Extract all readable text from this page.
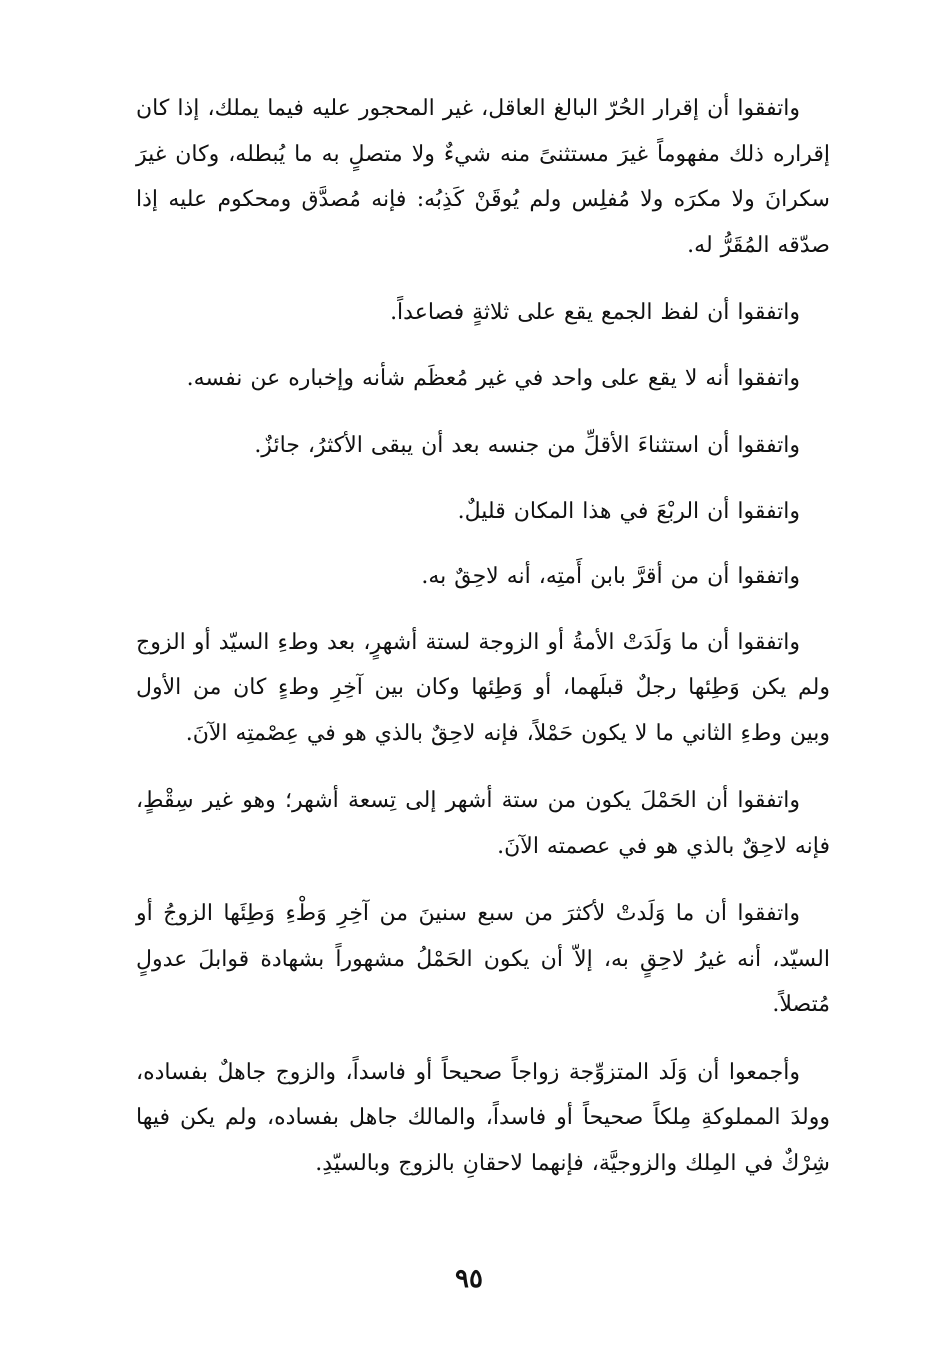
واتفقوا أن إقرار الحُرّ البالغ العاقل، غير المحجور عليه فيما يملك، إذا كان إقراره ذلك مفهوماً غيرَ مستثنىً منه شيءٌ ولا متصلٍ به ما يُبطله، وكان غيرَ سكرانَ ولا مكرَه ولا مُفلِس ولم يُوقَنْ كَذِبُه: فإنه مُصدَّق ومحكوم عليه إذا صدّقه المُقَرُّ له.

واتفقوا أن لفظ الجمع يقع على ثلاثةٍ فصاعداً.

واتفقوا أنه لا يقع على واحد في غير مُعظَم شأنه وإخباره عن نفسه.

واتفقوا أن استثناءَ الأقلِّ من جنسه بعد أن يبقى الأكثرُ، جائزٌ.

واتفقوا أن الربْعَ في هذا المكان قليلٌ.

واتفقوا أن من أقرَّ بابن أَمتِه، أنه لاحِقٌ به.

واتفقوا أن ما وَلَدَتْ الأمةُ أو الزوجة لستة أشهرٍ، بعد وطءِ السيّد أو الزوج ولم يكن وَطِئها رجلٌ قبلَهما، أو وَطِئها وكان بين آخِرِ وطءٍ كان من الأول وبين وطءِ الثاني ما لا يكون حَمْلاً، فإنه لاحِقٌ بالذي هو في عِصْمتِه الآنَ.

واتفقوا أن الحَمْلَ يكون من ستة أشهر إلى تِسعة أشهر؛ وهو غير سِقْطٍ، فإنه لاحِقٌ بالذي هو في عصمته الآنَ.

واتفقوا أن ما وَلَدتْ لأكثرَ من سبع سنينَ من آخِرِ وَطْءِ وَطِئَها الزوجُ أو السيّد، أنه غيرُ لاحِقٍ به، إلاّ أن يكون الحَمْلُ مشهوراً بشهادة قوابلَ عدولٍ مُتصلاً.

وأجمعوا أن وَلَد المتزوِّجة زواجاً صحيحاً أو فاسداً، والزوج جاهلٌ بفساده، وولدَ المملوكةِ مِلكاً صحيحاً أو فاسداً، والمالك جاهل بفساده، ولم يكن فيها شِرْكٌ في المِلك والزوجيَّة، فإنهما لاحقانِ بالزوج وبالسيّدِ.

٩٥
